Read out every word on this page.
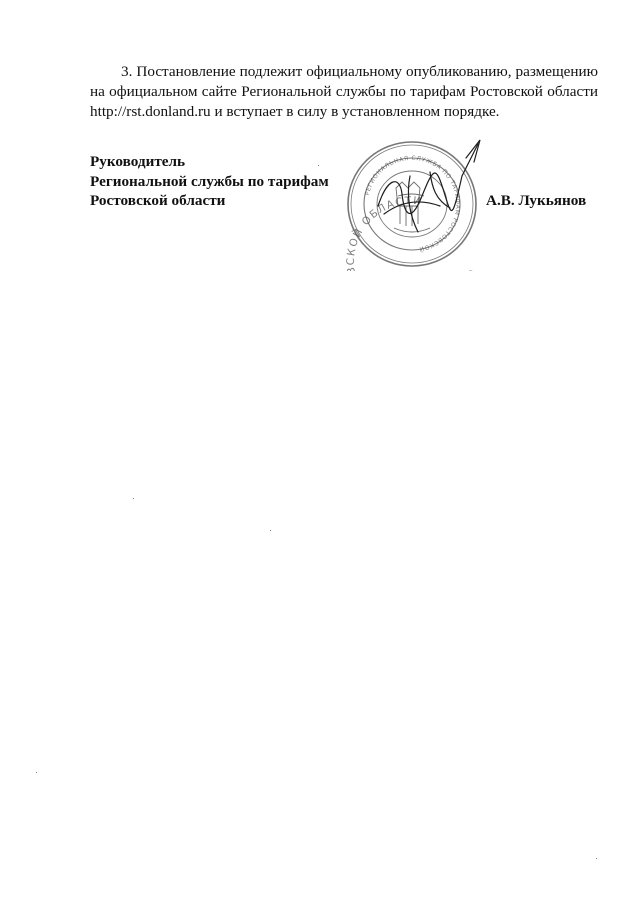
3. Постановление подлежит официальному опубликованию, размещению
на официальном сайте Региональной службы по тарифам Ростовской области
http://rst.donland.ru и вступает в силу в установленном порядке.
Руководитель
Региональной службы по тарифам
Ростовской области
ВСКОЙ ОБЛАСТИ
РЕГИОНАЛЬНАЯ СЛУЖБА ПО ТАРИФАМ РОСТОВСКОЙ
А.В. Лукьянов
